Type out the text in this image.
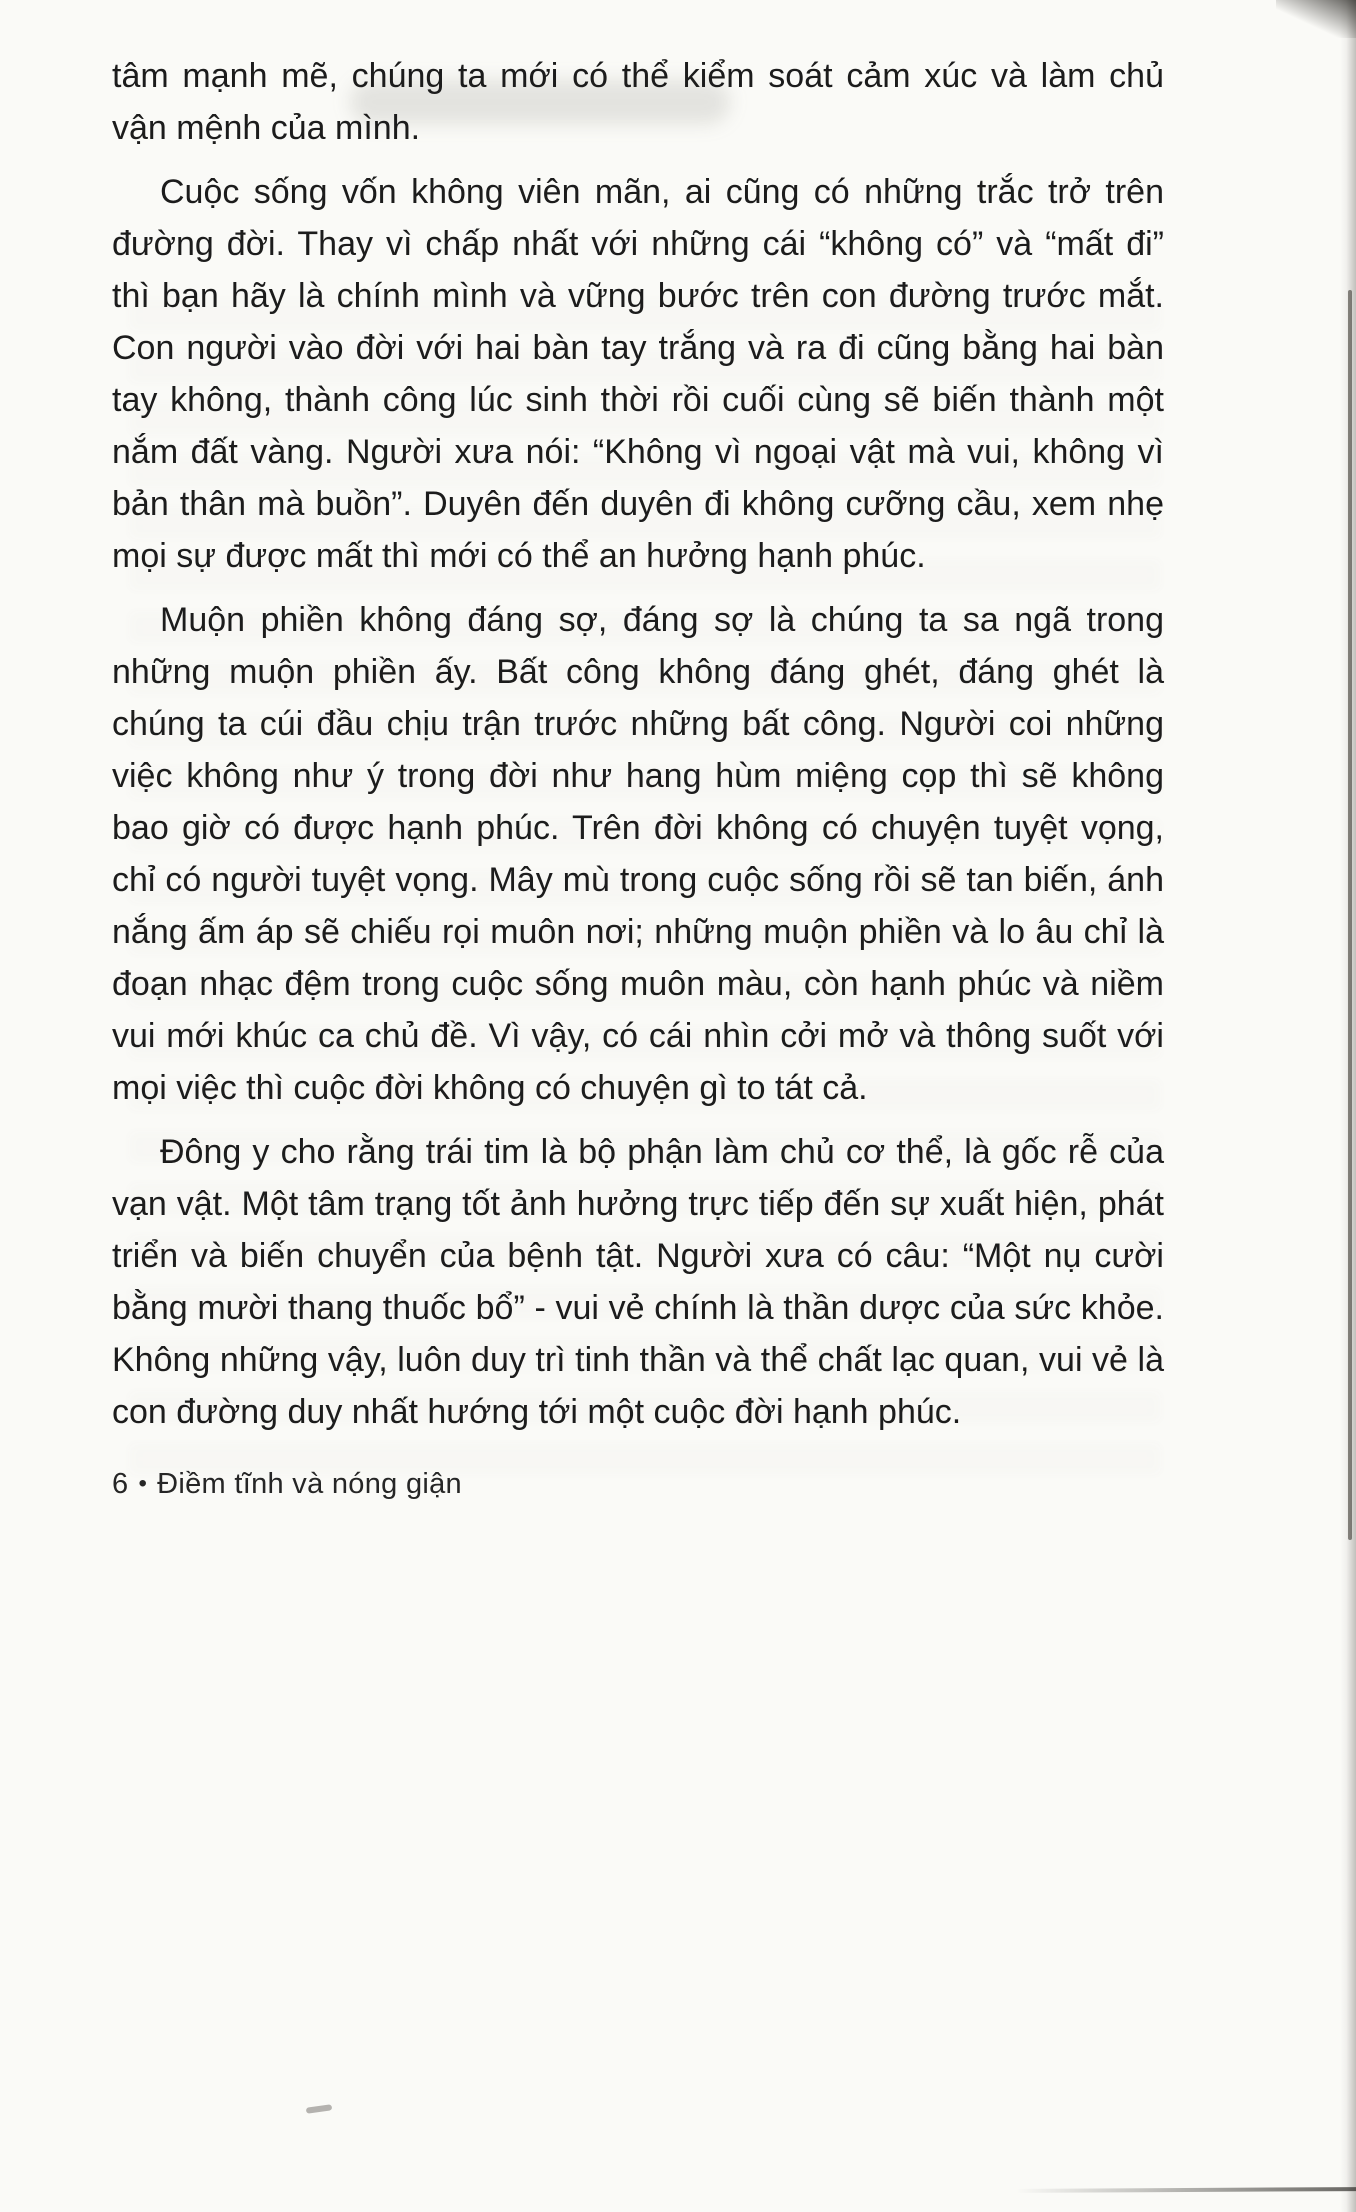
tâm mạnh mẽ, chúng ta mới có thể kiểm soát cảm xúc và làm chủ vận mệnh của mình.

Cuộc sống vốn không viên mãn, ai cũng có những trắc trở trên đường đời. Thay vì chấp nhất với những cái “không có” và “mất đi” thì bạn hãy là chính mình và vững bước trên con đường trước mắt. Con người vào đời với hai bàn tay trắng và ra đi cũng bằng hai bàn tay không, thành công lúc sinh thời rồi cuối cùng sẽ biến thành một nắm đất vàng. Người xưa nói: “Không vì ngoại vật mà vui, không vì bản thân mà buồn”. Duyên đến duyên đi không cưỡng cầu, xem nhẹ mọi sự được mất thì mới có thể an hưởng hạnh phúc.

Muộn phiền không đáng sợ, đáng sợ là chúng ta sa ngã trong những muộn phiền ấy. Bất công không đáng ghét, đáng ghét là chúng ta cúi đầu chịu trận trước những bất công. Người coi những việc không như ý trong đời như hang hùm miệng cọp thì sẽ không bao giờ có được hạnh phúc. Trên đời không có chuyện tuyệt vọng, chỉ có người tuyệt vọng. Mây mù trong cuộc sống rồi sẽ tan biến, ánh nắng ấm áp sẽ chiếu rọi muôn nơi; những muộn phiền và lo âu chỉ là đoạn nhạc đệm trong cuộc sống muôn màu, còn hạnh phúc và niềm vui mới khúc ca chủ đề. Vì vậy, có cái nhìn cởi mở và thông suốt với mọi việc thì cuộc đời không có chuyện gì to tát cả.

Đông y cho rằng trái tim là bộ phận làm chủ cơ thể, là gốc rễ của vạn vật. Một tâm trạng tốt ảnh hưởng trực tiếp đến sự xuất hiện, phát triển và biến chuyển của bệnh tật. Người xưa có câu: “Một nụ cười bằng mười thang thuốc bổ” - vui vẻ chính là thần dược của sức khỏe. Không những vậy, luôn duy trì tinh thần và thể chất lạc quan, vui vẻ là con đường duy nhất hướng tới một cuộc đời hạnh phúc.

6 • Điềm tĩnh và nóng giận
